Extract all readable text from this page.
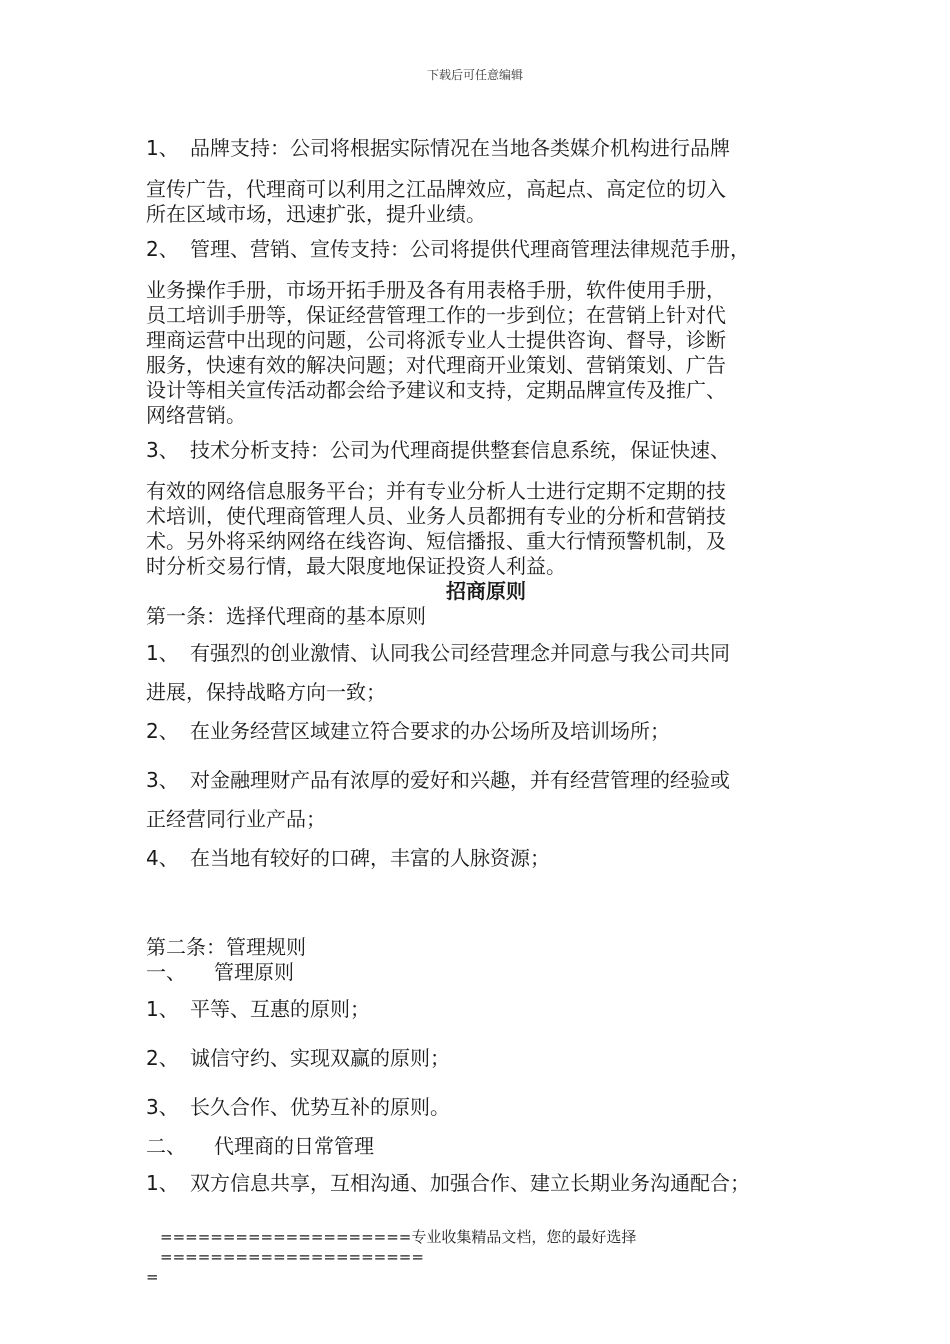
下载后可任意编辑
1、 品牌支持：公司将根据实际情况在当地各类媒介机构进行品牌
宣传广告，代理商可以利用之江品牌效应，高起点、高定位的切入
所在区域市场，迅速扩张，提升业绩。
2、 管理、营销、宣传支持：公司将提供代理商管理法律规范手册，
业务操作手册，市场开拓手册及各有用表格手册，软件使用手册，
员工培训手册等，保证经营管理工作的一步到位；在营销上针对代
理商运营中出现的问题，公司将派专业人士提供咨询、督导，诊断
服务，快速有效的解决问题；对代理商开业策划、营销策划、广告
设计等相关宣传活动都会给予建议和支持，定期品牌宣传及推广、
网络营销。
3、 技术分析支持：公司为代理商提供整套信息系统，保证快速、
有效的网络信息服务平台；并有专业分析人士进行定期不定期的技
术培训，使代理商管理人员、业务人员都拥有专业的分析和营销技
术。另外将采纳网络在线咨询、短信播报、重大行情预警机制，及
时分析交易行情，最大限度地保证投资人利益。
招商原则
第一条：选择代理商的基本原则
1、 有强烈的创业激情、认同我公司经营理念并同意与我公司共同
进展，保持战略方向一致；
2、 在业务经营区域建立符合要求的办公场所及培训场所；
3、 对金融理财产品有浓厚的爱好和兴趣，并有经营管理的经验或
正经营同行业产品；
4、 在当地有较好的口碑，丰富的人脉资源；
第二条：管理规则
一、 管理原则
1、 平等、互惠的原则；
2、 诚信守约、实现双赢的原则；
3、 长久合作、优势互补的原则。
二、 代理商的日常管理
1、 双方信息共享，互相沟通、加强合作、建立长期业务沟通配合；
====================专业收集精品文档，您的最好选择=====================
=
